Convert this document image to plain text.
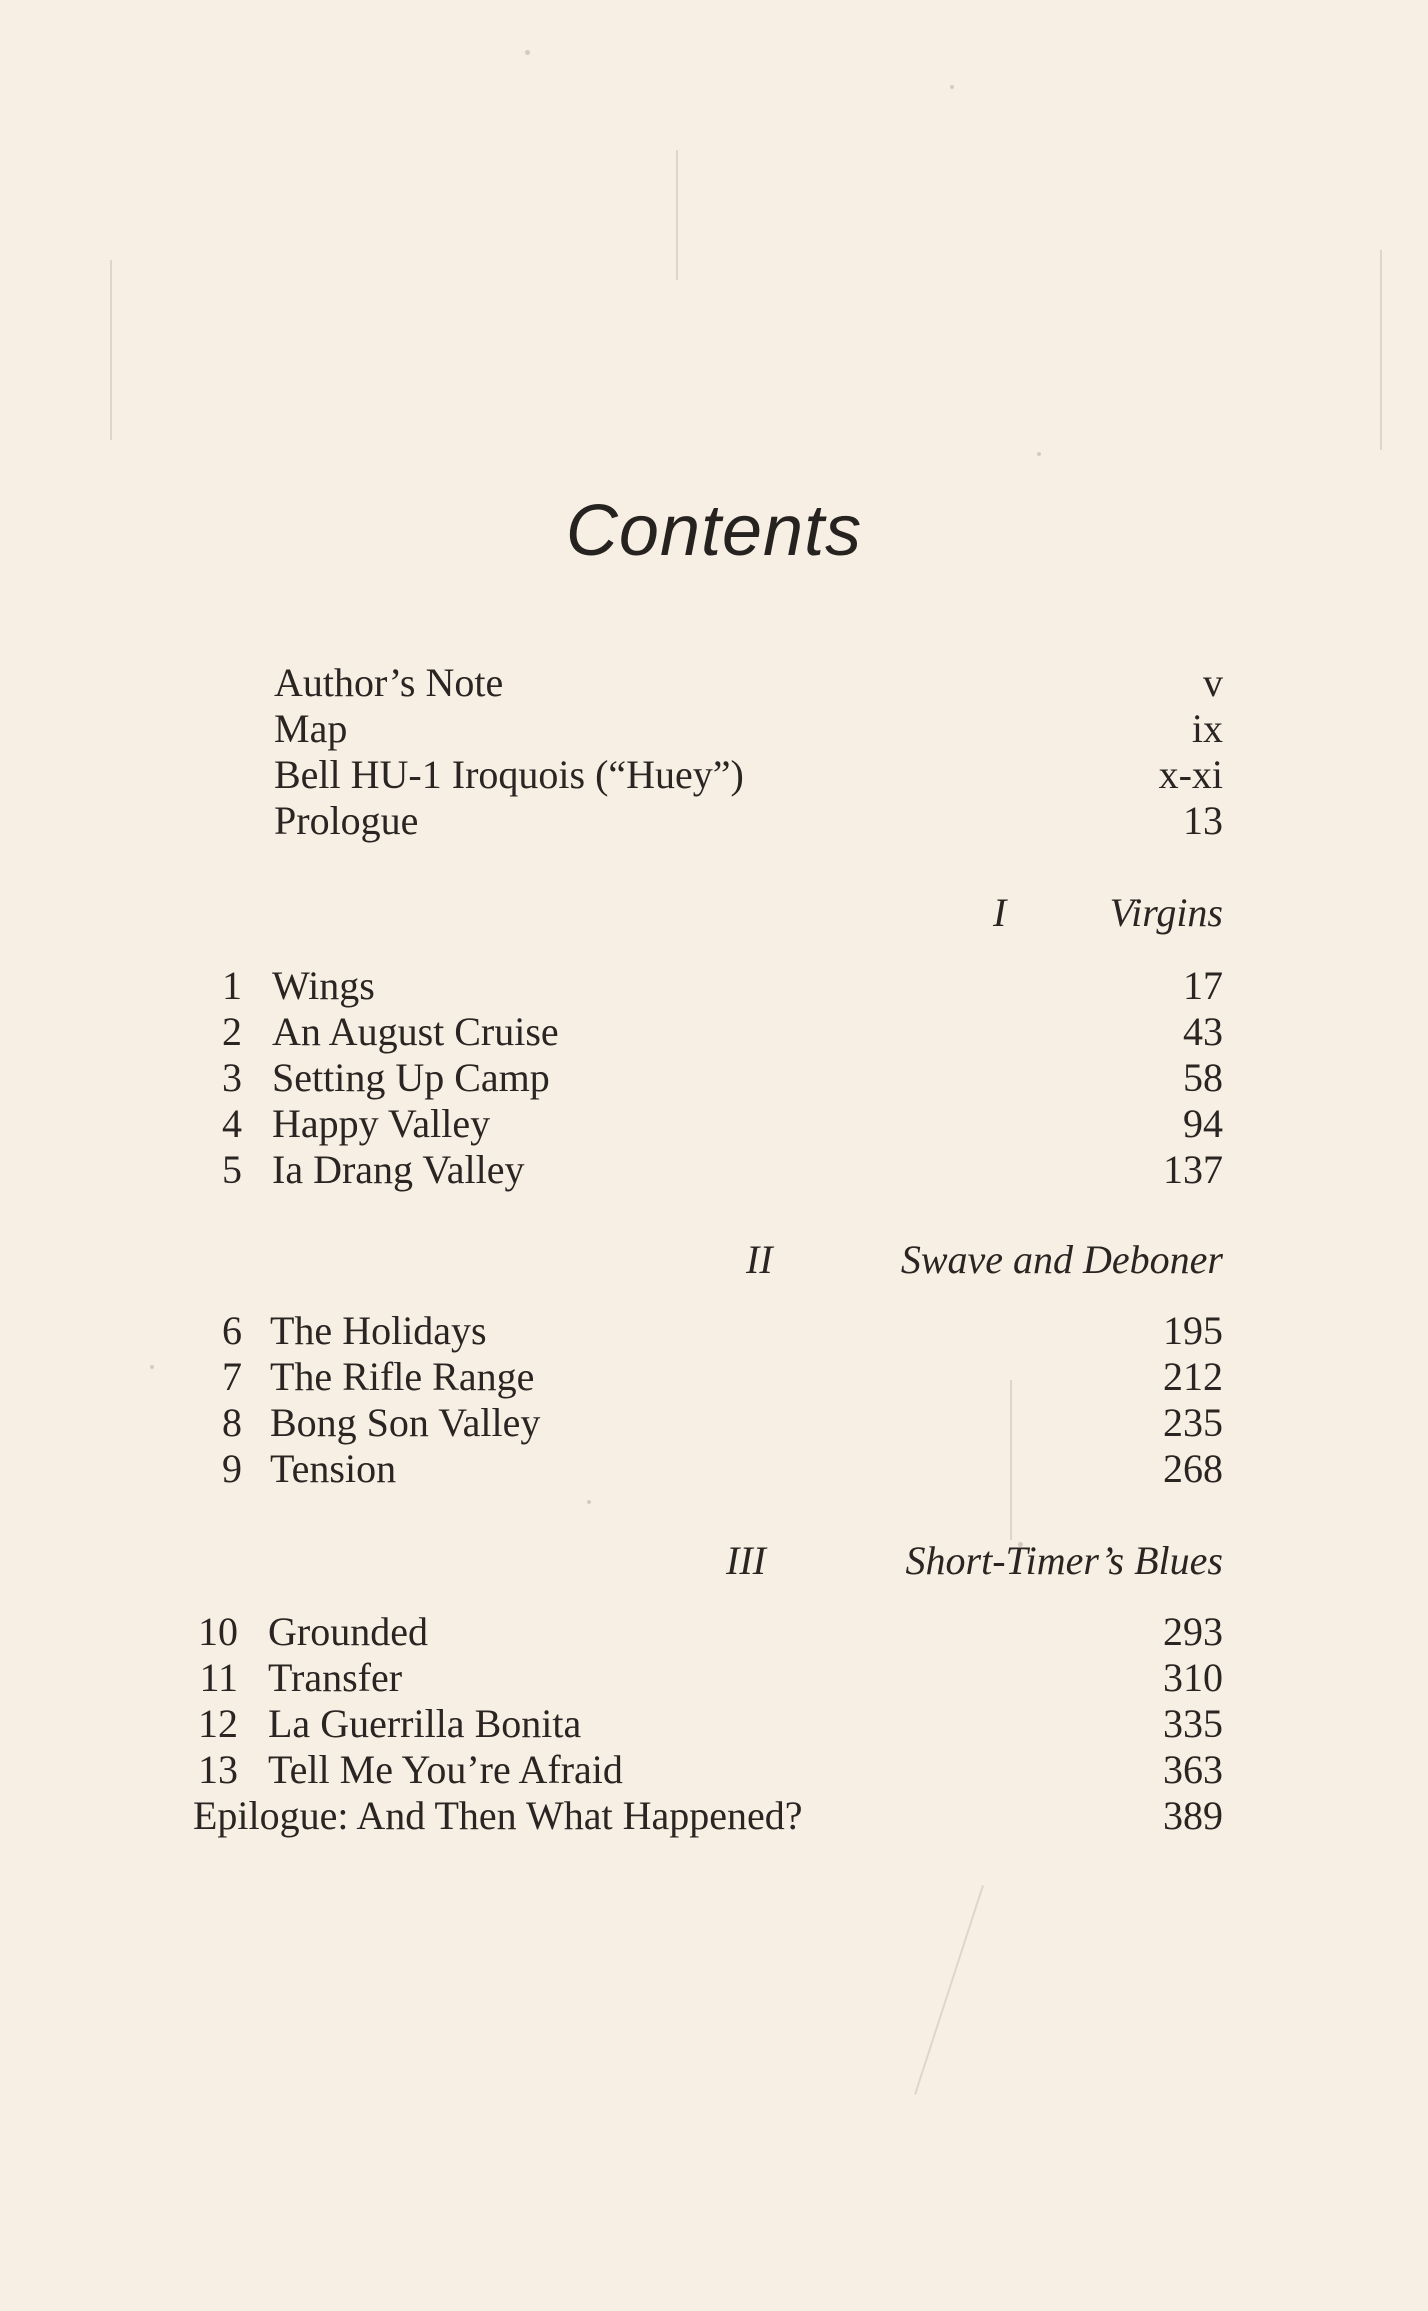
Contents
Author’s Note	v
Map	ix
Bell HU-1 Iroquois (“Huey”)	x-xi
Prologue	13
I	Virgins
1 Wings	17
2 An August Cruise	43
3 Setting Up Camp	58
4 Happy Valley	94
5 Ia Drang Valley	137
II	Swave and Deboner
6 The Holidays	195
7 The Rifle Range	212
8 Bong Son Valley	235
9 Tension	268
III	Short-Timer’s Blues
10 Grounded	293
11 Transfer	310
12 La Guerrilla Bonita	335
13 Tell Me You’re Afraid	363
Epilogue: And Then What Happened?	389
